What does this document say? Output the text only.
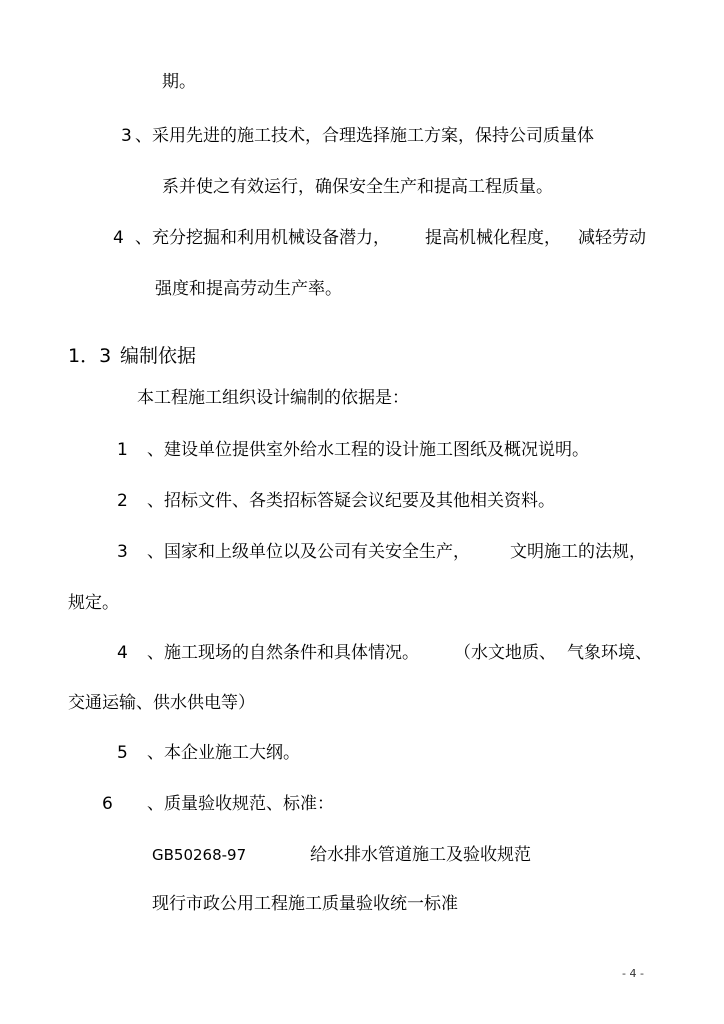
期。
3 、采用先进的施工技术，合理选择施工方案，保持公司质量体
系并使之有效运行，确保安全生产和提高工程质量。
4 、充分挖掘和利用机械设备潜力， 提高机械化程度， 减轻劳动
强度和提高劳动生产率。
1．3 编制依据
本工程施工组织设计编制的依据是：
1 、建设单位提供室外给水工程的设计施工图纸及概况说明。
2 、招标文件、各类招标答疑会议纪要及其他相关资料。
3 、国家和上级单位以及公司有关安全生产， 文明施工的法规，
规定。
4 、施工现场的自然条件和具体情况。 （水文地质、 气象环境、
交通运输、供水供电等）
5 、本企业施工大纲。
6 、质量验收规范、标准：
GB50268-97	给水排水管道施工及验收规范
现行市政公用工程施工质量验收统一标准
- 4 -
